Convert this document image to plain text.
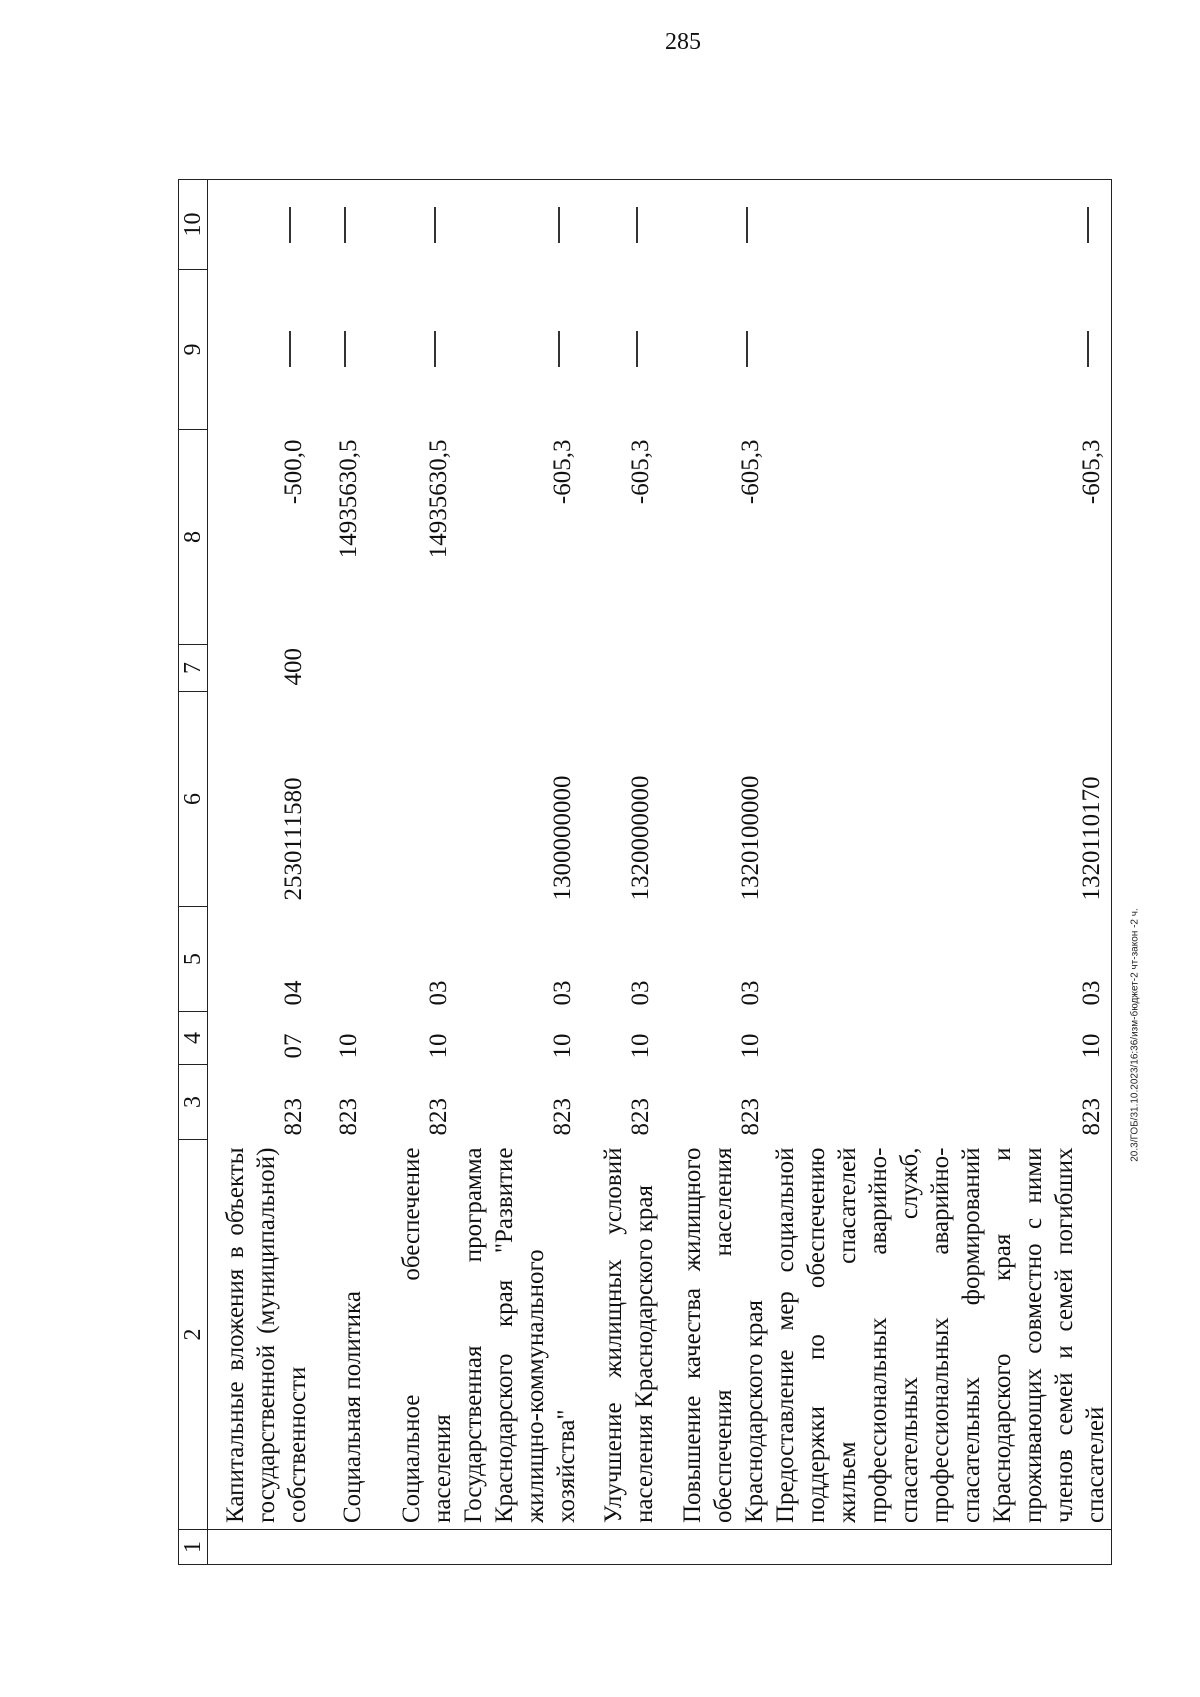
285
20.3/ГОБ/31.10.2023/16:36/изм-бюджет-2 чт-закон -2 ч.
1	2	3	4	5	6	7	8	9	10
	Капитальные вложения в объекты государственной (муниципальной) собственности	823	07	04	2530111580	400	-500,0		
	Социальная политика	823	10				14935630,5		
	Социальное обеспечение населения	823	10	03			14935630,5		
	Государственная программа Краснодарского края "Развитие жилищно-коммунального хозяйства"	823	10	03	1300000000		-605,3		
	Улучшение жилищных условий населения Краснодарского края	823	10	03	1320000000		-605,3		
	Повышение качества жилищного обеспечения населения Краснодарского края	823	10	03	1320100000		-605,3		
	Предоставление мер социальной поддержки по обеспечению жильем спасателей профессиональных аварийно-спасательных служб, профессиональных аварийно-спасательных формирований Краснодарского края и проживающих совместно с ними членов семей и семей погибших спасателей	823	10	03	1320110170		-605,3		
